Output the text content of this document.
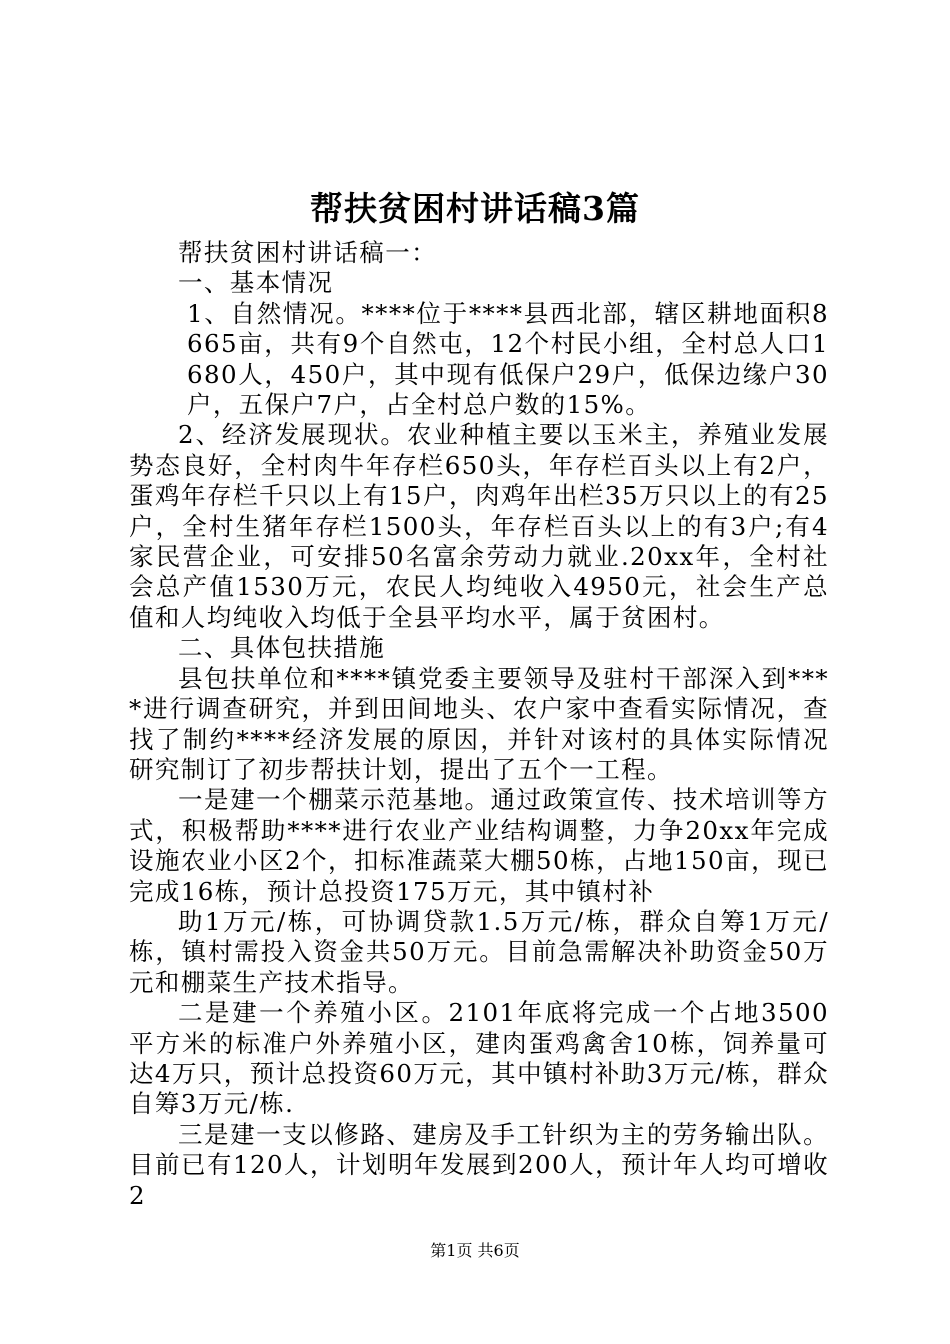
帮扶贫困村讲话稿3篇

帮扶贫困村讲话稿一：

一、基本情况

1、自然情况。****位于****县西北部，辖区耕地面积8665亩，共有9个自然屯，12个村民小组，全村总人口1680人，450户，其中现有低保户29户，低保边缘户30户，五保户7户，占全村总户数的15%。

2、经济发展现状。农业种植主要以玉米主，养殖业发展势态良好，全村肉牛年存栏650头，年存栏百头以上有2户，蛋鸡年存栏千只以上有15户，肉鸡年出栏35万只以上的有25户，全村生猪年存栏1500头，年存栏百头以上的有3户;有4家民营企业，可安排50名富余劳动力就业.20xx年，全村社会总产值1530万元，农民人均纯收入4950元，社会生产总值和人均纯收入均低于全县平均水平，属于贫困村。

二、具体包扶措施

县包扶单位和****镇党委主要领导及驻村干部深入到****进行调查研究，并到田间地头、农户家中查看实际情况，查找了制约****经济发展的原因，并针对该村的具体实际情况研究制订了初步帮扶计划，提出了五个一工程。

一是建一个棚菜示范基地。通过政策宣传、技术培训等方式，积极帮助****进行农业产业结构调整，力争20xx年完成设施农业小区2个，扣标准蔬菜大棚50栋，占地150亩，现已完成16栋，预计总投资175万元，其中镇村补

助1万元/栋，可协调贷款1.5万元/栋，群众自筹1万元/栋，镇村需投入资金共50万元。目前急需解决补助资金50万元和棚菜生产技术指导。

二是建一个养殖小区。2101年底将完成一个占地3500平方米的标准户外养殖小区，建肉蛋鸡禽舍10栋，饲养量可达4万只，预计总投资60万元，其中镇村补助3万元/栋，群众自筹3万元/栋.

三是建一支以修路、建房及手工针织为主的劳务输出队。目前已有120人，计划明年发展到200人，预计年人均可增收2

第1页 共6页
